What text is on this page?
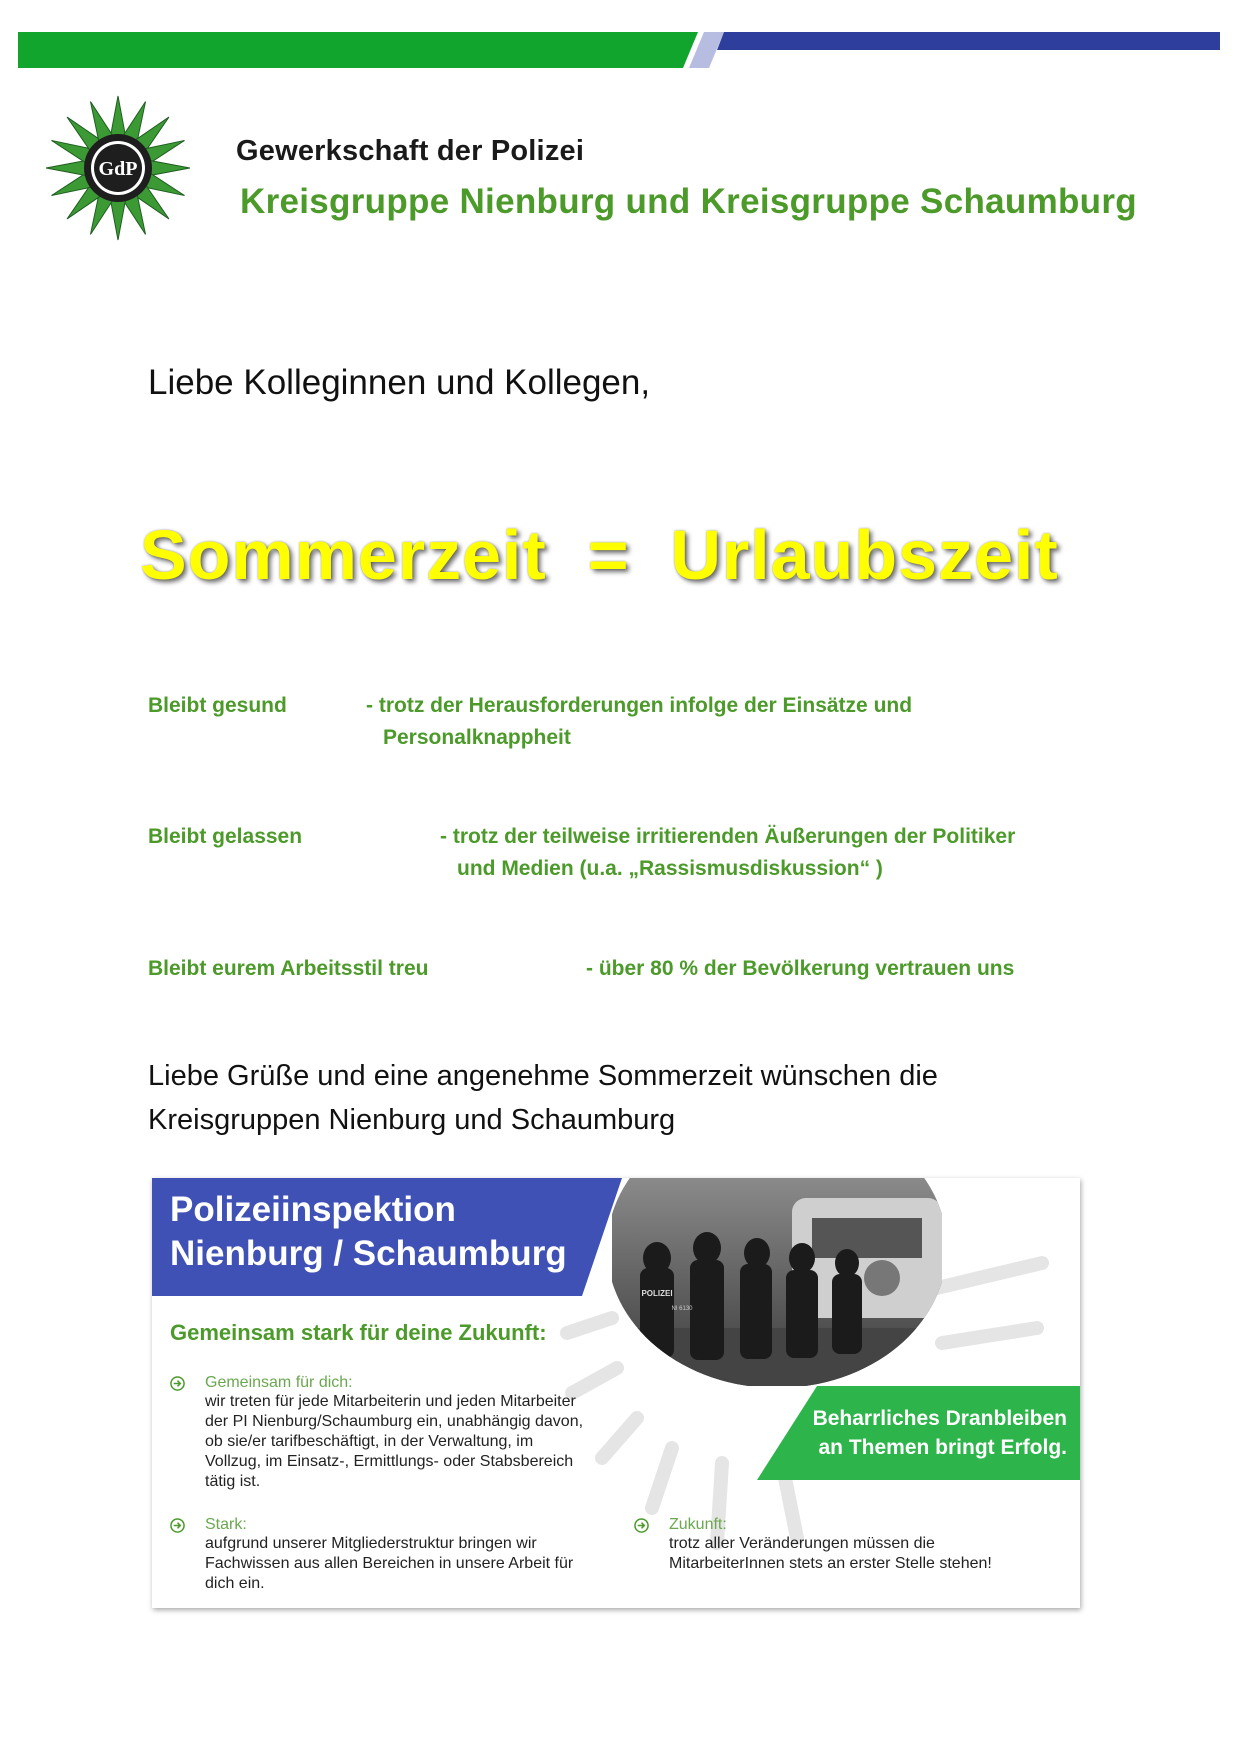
GdP
Gewerkschaft der Polizei
Kreisgruppe Nienburg und Kreisgruppe Schaumburg
Liebe Kolleginnen und Kollegen,
Sommerzeit  =  Urlaubszeit
Bleibt gesund	- trotz der Herausforderungen infolge der Einsätze und
Personalknappheit
Bleibt gelassen	- trotz der teilweise irritierenden Äußerungen der Politiker
und Medien (u.a. „Rassismusdiskussion“ )
Bleibt eurem Arbeitsstil treu	- über 80 % der Bevölkerung vertrauen uns
Liebe Grüße und eine angenehme Sommerzeit wünschen die
Kreisgruppen Nienburg und Schaumburg
Polizeiinspektion
Nienburg / Schaumburg
POLIZEI
NI 6130
Gemeinsam stark für deine Zukunft:
Gemeinsam für dich:
wir treten für jede Mitarbeiterin und jeden Mitarbeiter der PI Nienburg/Schaumburg ein, unabhängig davon, ob sie/er tarifbeschäftigt, in der Verwaltung, im Vollzug, im Einsatz-, Ermittlungs- oder Stabsbereich tätig ist.
Stark:
aufgrund unserer Mitgliederstruktur bringen wir Fachwissen aus allen Bereichen in unsere Arbeit für dich ein.
Zukunft:
trotz aller Veränderungen müssen die MitarbeiterInnen stets an erster Stelle stehen!
Beharrliches Dranbleiben
an Themen bringt Erfolg.
